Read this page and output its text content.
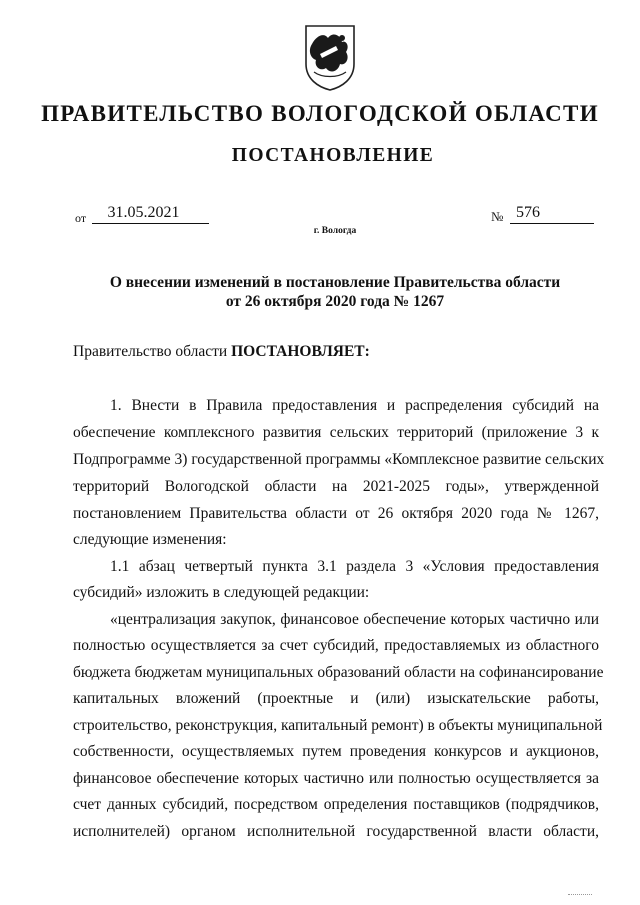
ПРАВИТЕЛЬСТВО ВОЛОГОДСКОЙ ОБЛАСТИ
ПОСТАНОВЛЕНИЕ
от	31.05.2021	№ 576
г. Вологда
О внесении изменений в постановление Правительства области
от 26 октября 2020 года № 1267
Правительство области ПОСТАНОВЛЯЕТ:
1. Внести в Правила предоставления и распределения субсидий на
обеспечение комплексного развития сельских территорий (приложение 3 к
Подпрограмме 3) государственной программы «Комплексное развитие сельских
территорий Вологодской области на 2021-2025 годы», утвержденной
постановлением Правительства области от 26 октября 2020 года № 1267,
следующие изменения:
1.1 абзац четвертый пункта 3.1 раздела 3 «Условия предоставления
субсидий» изложить в следующей редакции:
«централизация закупок, финансовое обеспечение которых частично или
полностью осуществляется за счет субсидий, предоставляемых из областного
бюджета бюджетам муниципальных образований области на софинансирование
капитальных вложений (проектные и (или) изыскательские работы,
строительство, реконструкция, капитальный ремонт) в объекты муниципальной
собственности, осуществляемых путем проведения конкурсов и аукционов,
финансовое обеспечение которых частично или полностью осуществляется за
счет данных субсидий, посредством определения поставщиков (подрядчиков,
исполнителей) органом исполнительной государственной власти области,
